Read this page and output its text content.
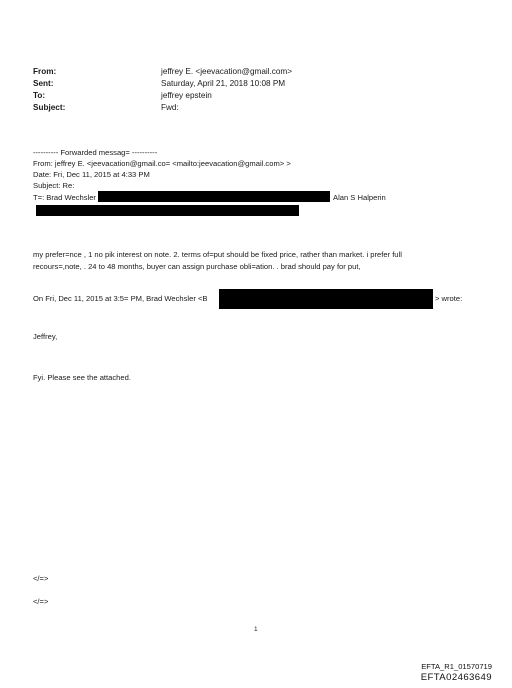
From:	jeffrey E. <jeevacation@gmail.com>
Sent:	Saturday, April 21, 2018 10:08 PM
To:	jeffrey epstein
Subject:	Fwd:
---------- Forwarded messag= ----------
From: jeffrey E. <jeevacation@gmail.co= <mailto:jeevacation@gmail.com> >
Date: Fri, Dec 11, 2015 at 4:33 PM
Subject: Re:
T=: Brad Wechsler	Alan S Halperin
my prefer=nce , 1 no pik interest on note. 2. terms of=put should be fixed price, rather than market. i prefer full
recours=,note, . 24 to 48 months, buyer can assign purchase obli=ation. . brad should pay for put,
On Fri, Dec 11, 2015 at 3:5= PM, Brad Wechsler <B	> wrote:
Jeffrey,
Fyi. Please see the attached.
</=>
</=>
1
EFTA_R1_01570719
EFTA02463649
